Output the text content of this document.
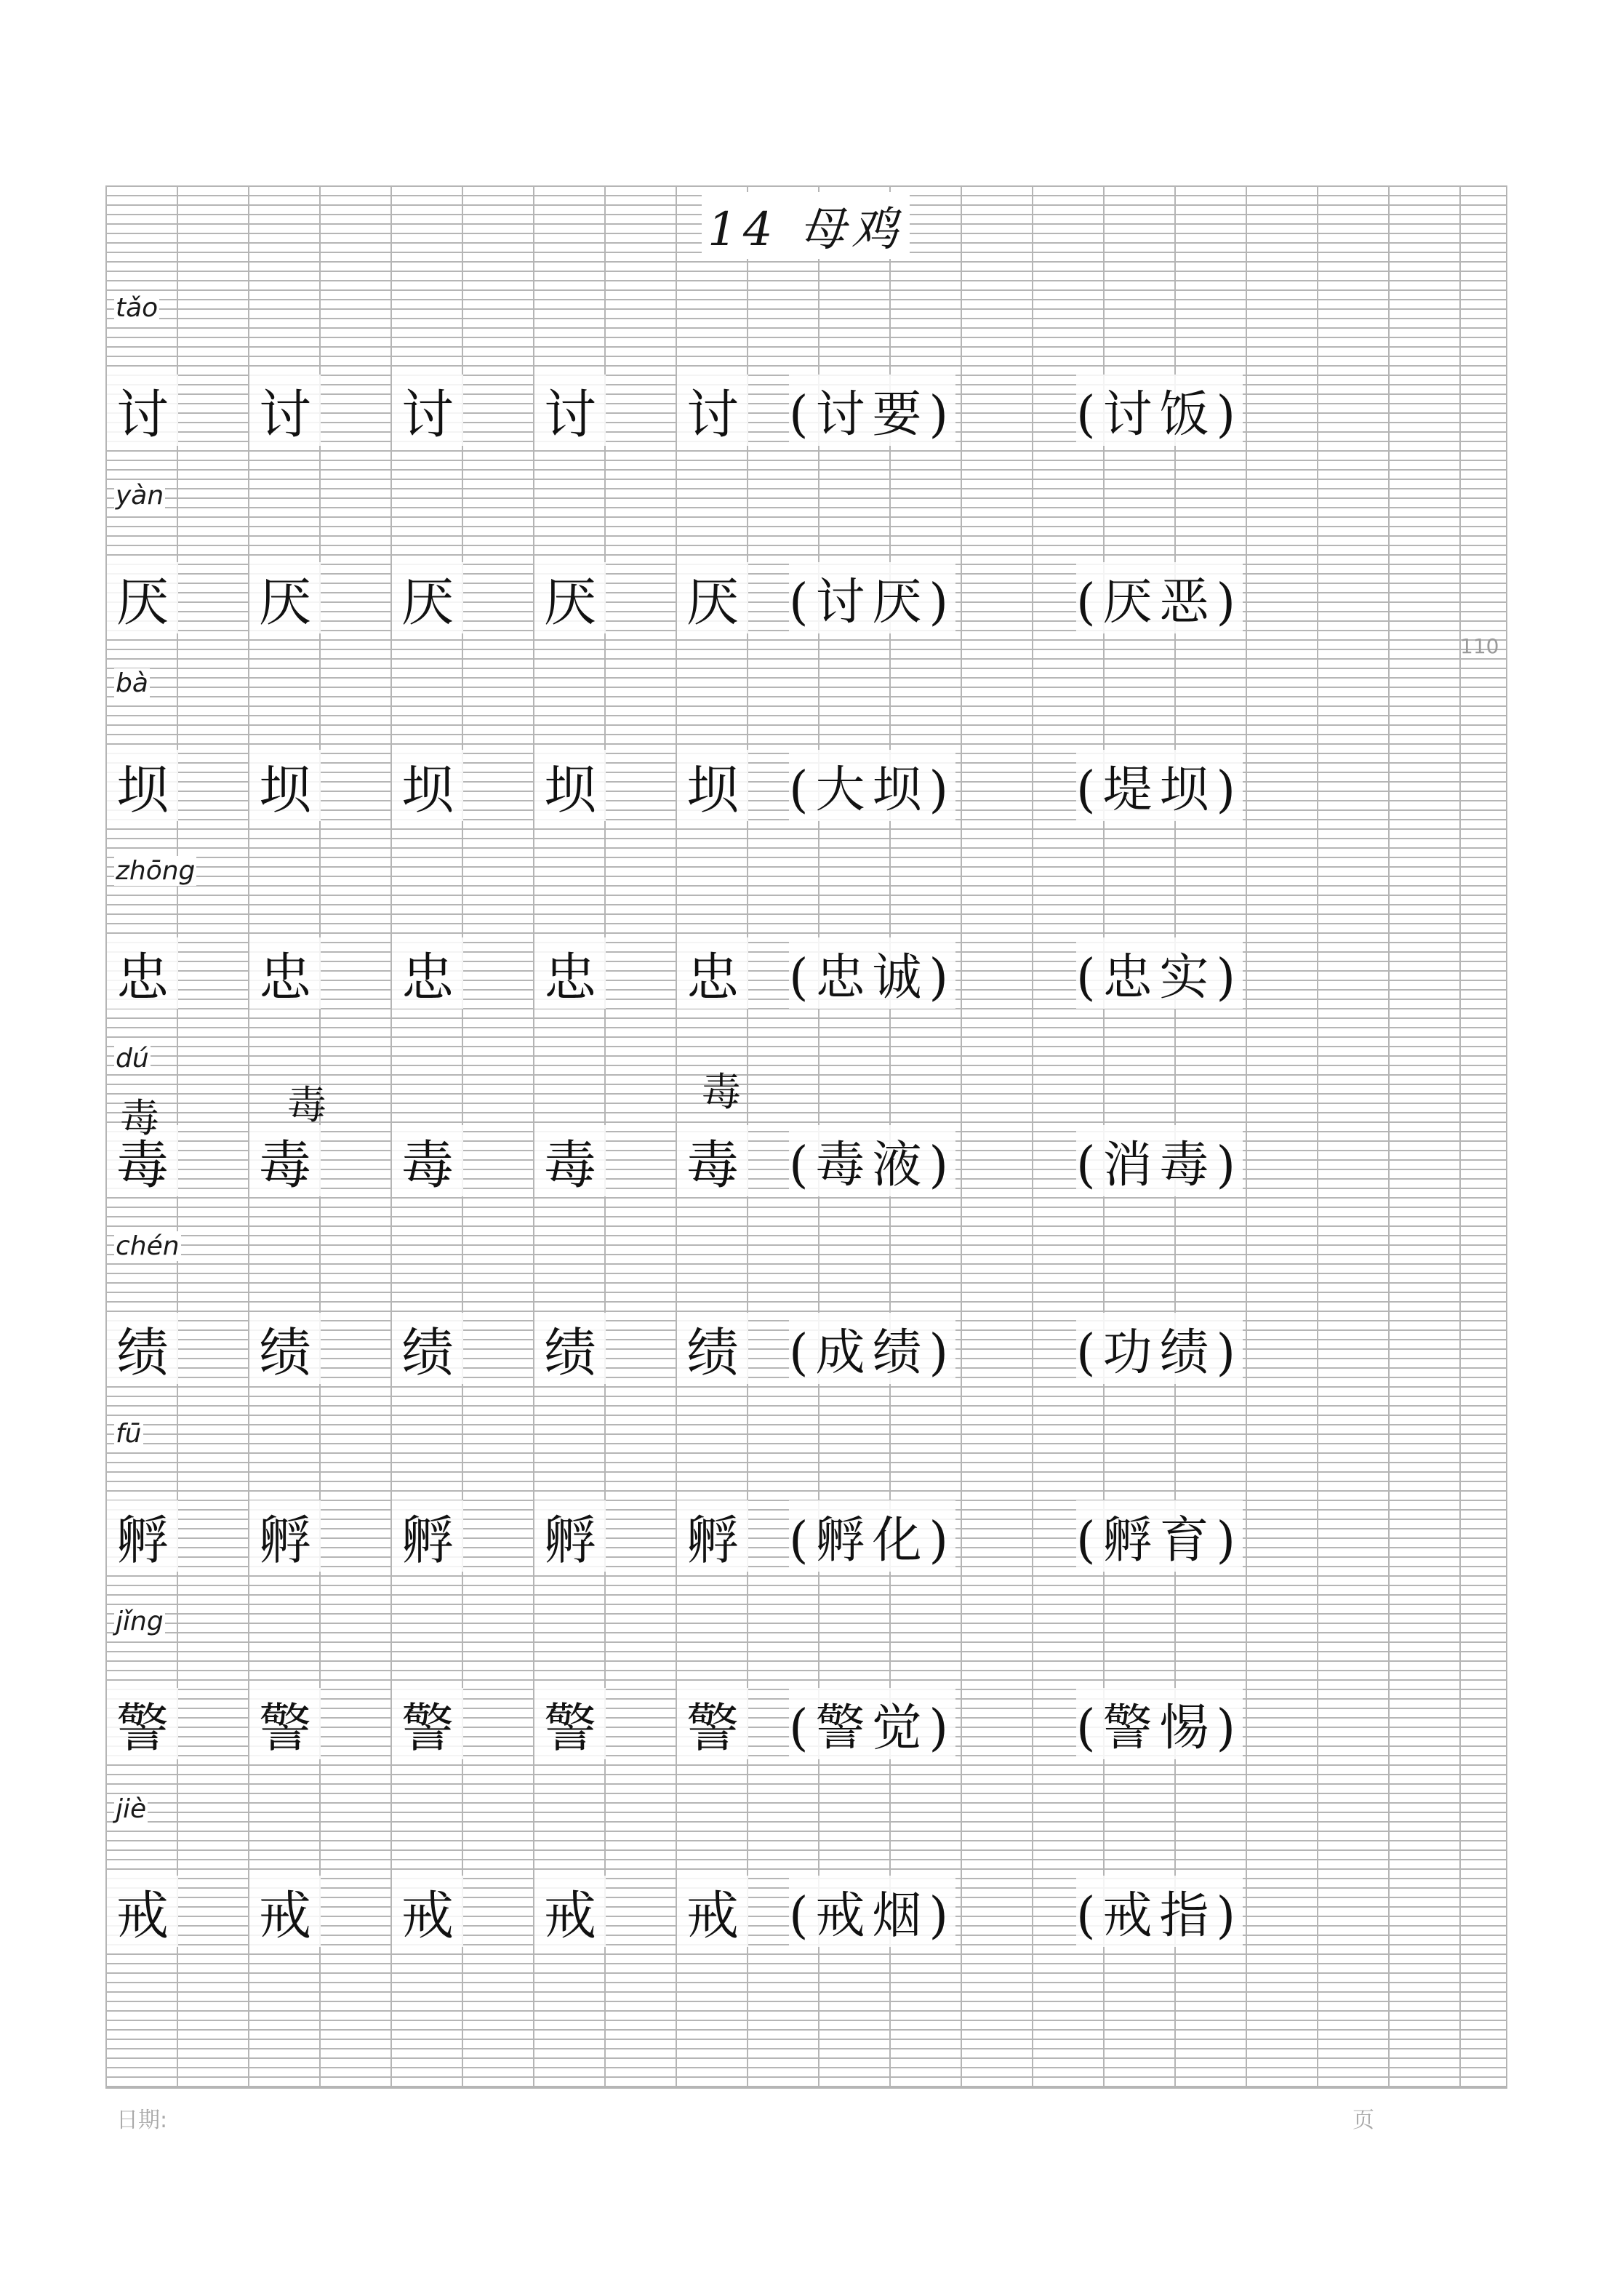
14 母鸡
tǎo
讨 讨 讨 讨 讨 (讨要) (讨饭)
yàn
厌 厌 厌 厌 厌 (讨厌) (厌恶)
bà
坝 坝 坝 坝 坝 (大坝) (堤坝)
zhōng
忠 忠 忠 忠 忠 (忠诚) (忠实)
dú
毒 毒 毒 毒 毒 (毒液) (消毒)
chén
绩 绩 绩 绩 绩 (成绩) (功绩)
fū
孵 孵 孵 孵 孵 (孵化) (孵育)
jǐng
警 警 警 警 警 (警觉) (警惕)
jiè
戒 戒 戒 戒 戒 (戒烟) (戒指)
毒	毒	毒
110
日期:	页
